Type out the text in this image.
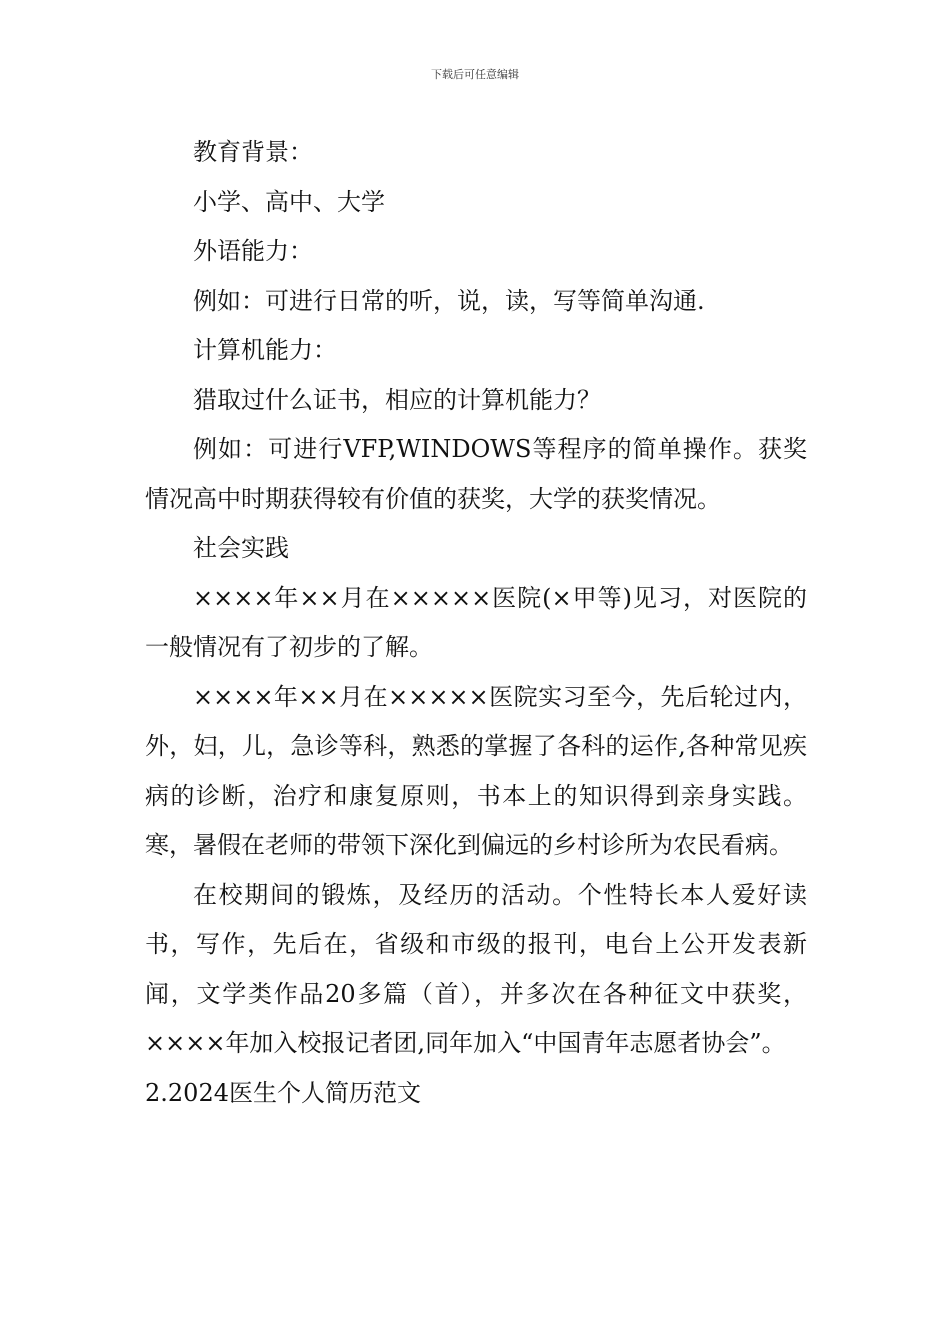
下载后可任意编辑

教育背景：

小学、高中、大学

外语能力：

例如：可进行日常的听，说，读，写等简单沟通.

计算机能力：

猎取过什么证书，相应的计算机能力？

例如：可进行VFP,WINDOWS等程序的简单操作。获奖情况高中时期获得较有价值的获奖，大学的获奖情况。

社会实践

××××年××月在×××××医院(×甲等)见习，对医院的一般情况有了初步的了解。

××××年××月在×××××医院实习至今，先后轮过内，外，妇，儿，急诊等科，熟悉的掌握了各科的运作,各种常见疾病的诊断，治疗和康复原则，书本上的知识得到亲身实践。寒，暑假在老师的带领下深化到偏远的乡村诊所为农民看病。

在校期间的锻炼，及经历的活动。个性特长本人爱好读书，写作，先后在，省级和市级的报刊，电台上公开发表新闻，文学类作品20多篇（首），并多次在各种征文中获奖，××××年加入校报记者团,同年加入“中国青年志愿者协会”。

2.2024医生个人简历范文
